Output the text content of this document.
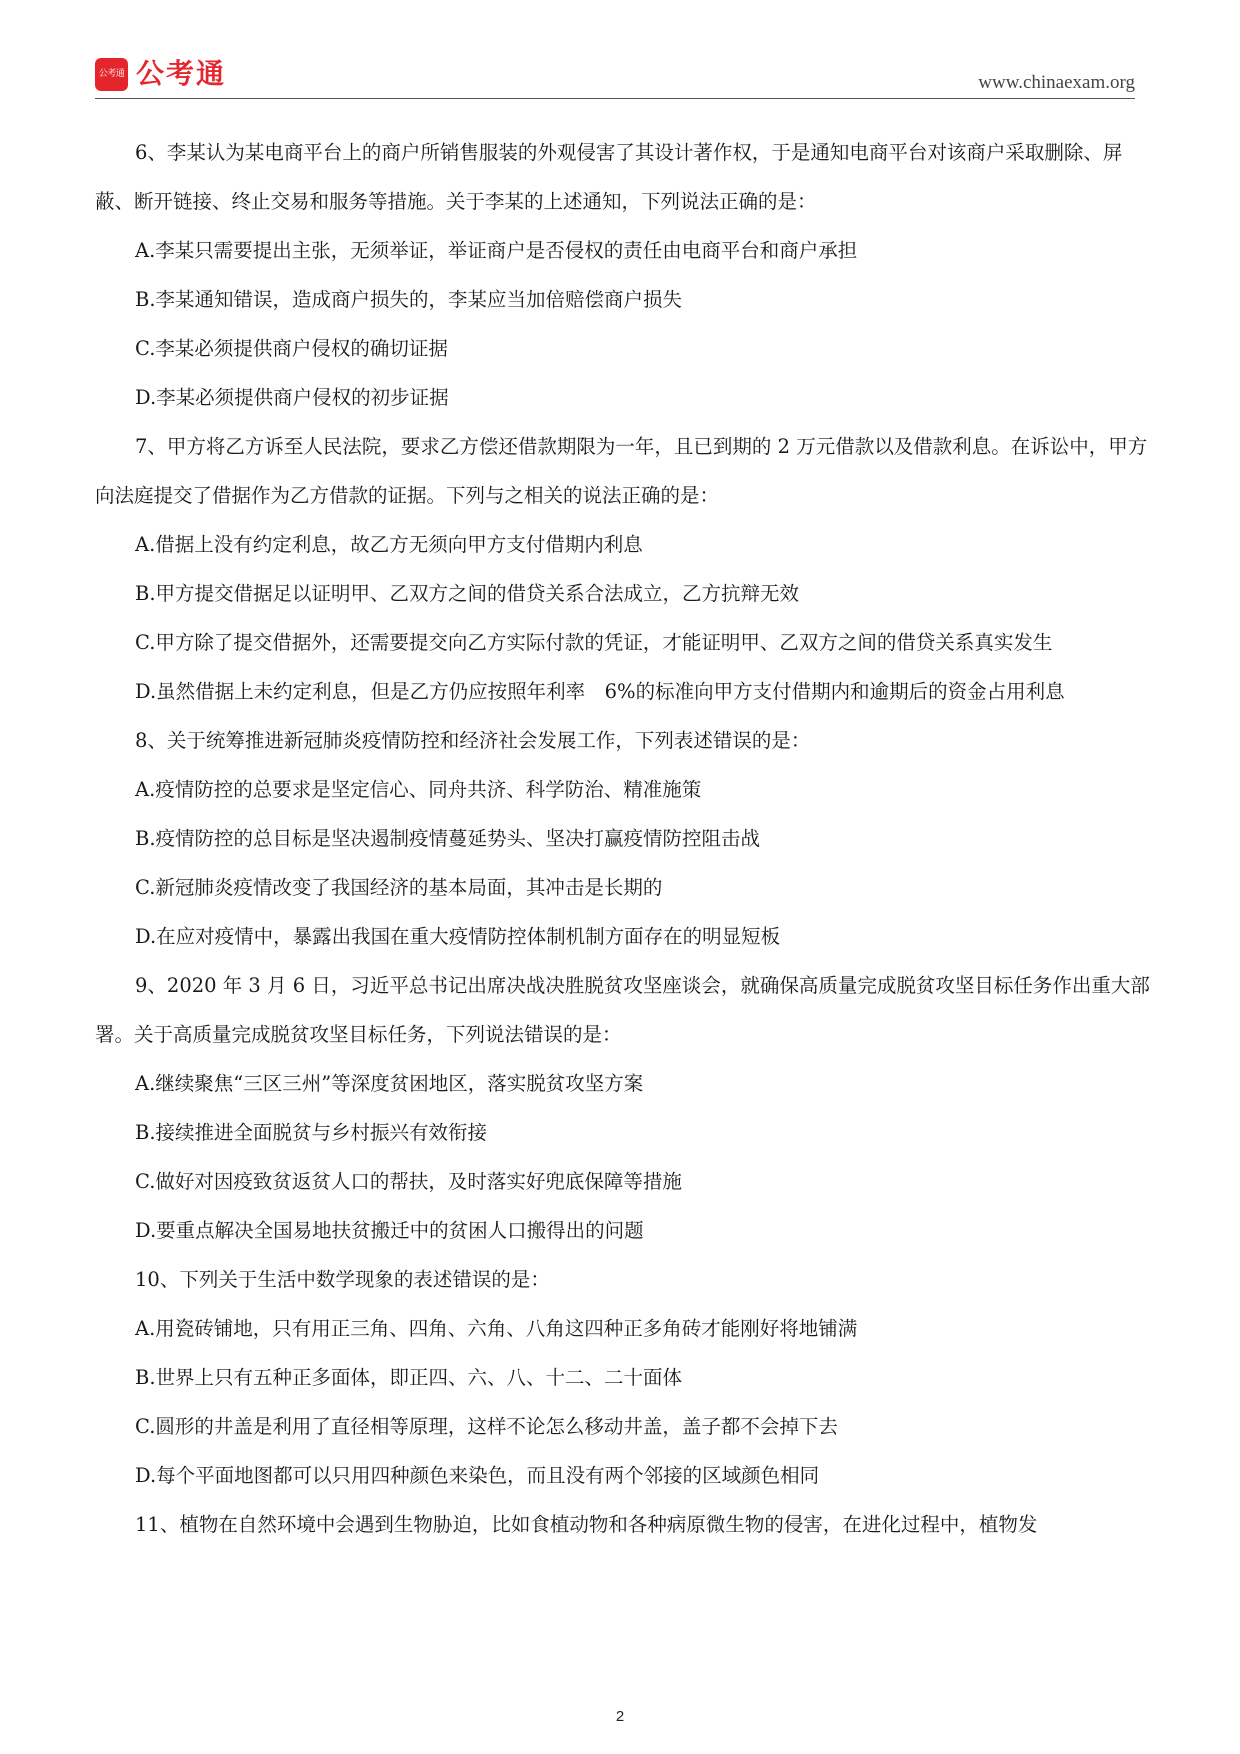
公考通 公考通	www.chinaexam.org

6、李某认为某电商平台上的商户所销售服装的外观侵害了其设计著作权，于是通知电商平台对该商户采取删除、屏蔽、断开链接、终止交易和服务等措施。关于李某的上述通知，下列说法正确的是：

A.李某只需要提出主张，无须举证，举证商户是否侵权的责任由电商平台和商户承担

B.李某通知错误，造成商户损失的，李某应当加倍赔偿商户损失

C.李某必须提供商户侵权的确切证据

D.李某必须提供商户侵权的初步证据

7、甲方将乙方诉至人民法院，要求乙方偿还借款期限为一年，且已到期的 2 万元借款以及借款利息。在诉讼中，甲方向法庭提交了借据作为乙方借款的证据。下列与之相关的说法正确的是：

A.借据上没有约定利息，故乙方无须向甲方支付借期内利息

B.甲方提交借据足以证明甲、乙双方之间的借贷关系合法成立，乙方抗辩无效

C.甲方除了提交借据外，还需要提交向乙方实际付款的凭证，才能证明甲、乙双方之间的借贷关系真实发生

D.虽然借据上未约定利息，但是乙方仍应按照年利率　6%的标准向甲方支付借期内和逾期后的资金占用利息

8、关于统筹推进新冠肺炎疫情防控和经济社会发展工作，下列表述错误的是：

A.疫情防控的总要求是坚定信心、同舟共济、科学防治、精准施策

B.疫情防控的总目标是坚决遏制疫情蔓延势头、坚决打赢疫情防控阻击战

C.新冠肺炎疫情改变了我国经济的基本局面，其冲击是长期的

D.在应对疫情中，暴露出我国在重大疫情防控体制机制方面存在的明显短板

9、2020 年 3 月 6 日，习近平总书记出席决战决胜脱贫攻坚座谈会，就确保高质量完成脱贫攻坚目标任务作出重大部署。关于高质量完成脱贫攻坚目标任务，下列说法错误的是：

A.继续聚焦“三区三州”等深度贫困地区，落实脱贫攻坚方案

B.接续推进全面脱贫与乡村振兴有效衔接

C.做好对因疫致贫返贫人口的帮扶，及时落实好兜底保障等措施

D.要重点解决全国易地扶贫搬迁中的贫困人口搬得出的问题

10、下列关于生活中数学现象的表述错误的是：

A.用瓷砖铺地，只有用正三角、四角、六角、八角这四种正多角砖才能刚好将地铺满

B.世界上只有五种正多面体，即正四、六、八、十二、二十面体

C.圆形的井盖是利用了直径相等原理，这样不论怎么移动井盖，盖子都不会掉下去

D.每个平面地图都可以只用四种颜色来染色，而且没有两个邻接的区域颜色相同

11、植物在自然环境中会遇到生物胁迫，比如食植动物和各种病原微生物的侵害，在进化过程中，植物发

2
